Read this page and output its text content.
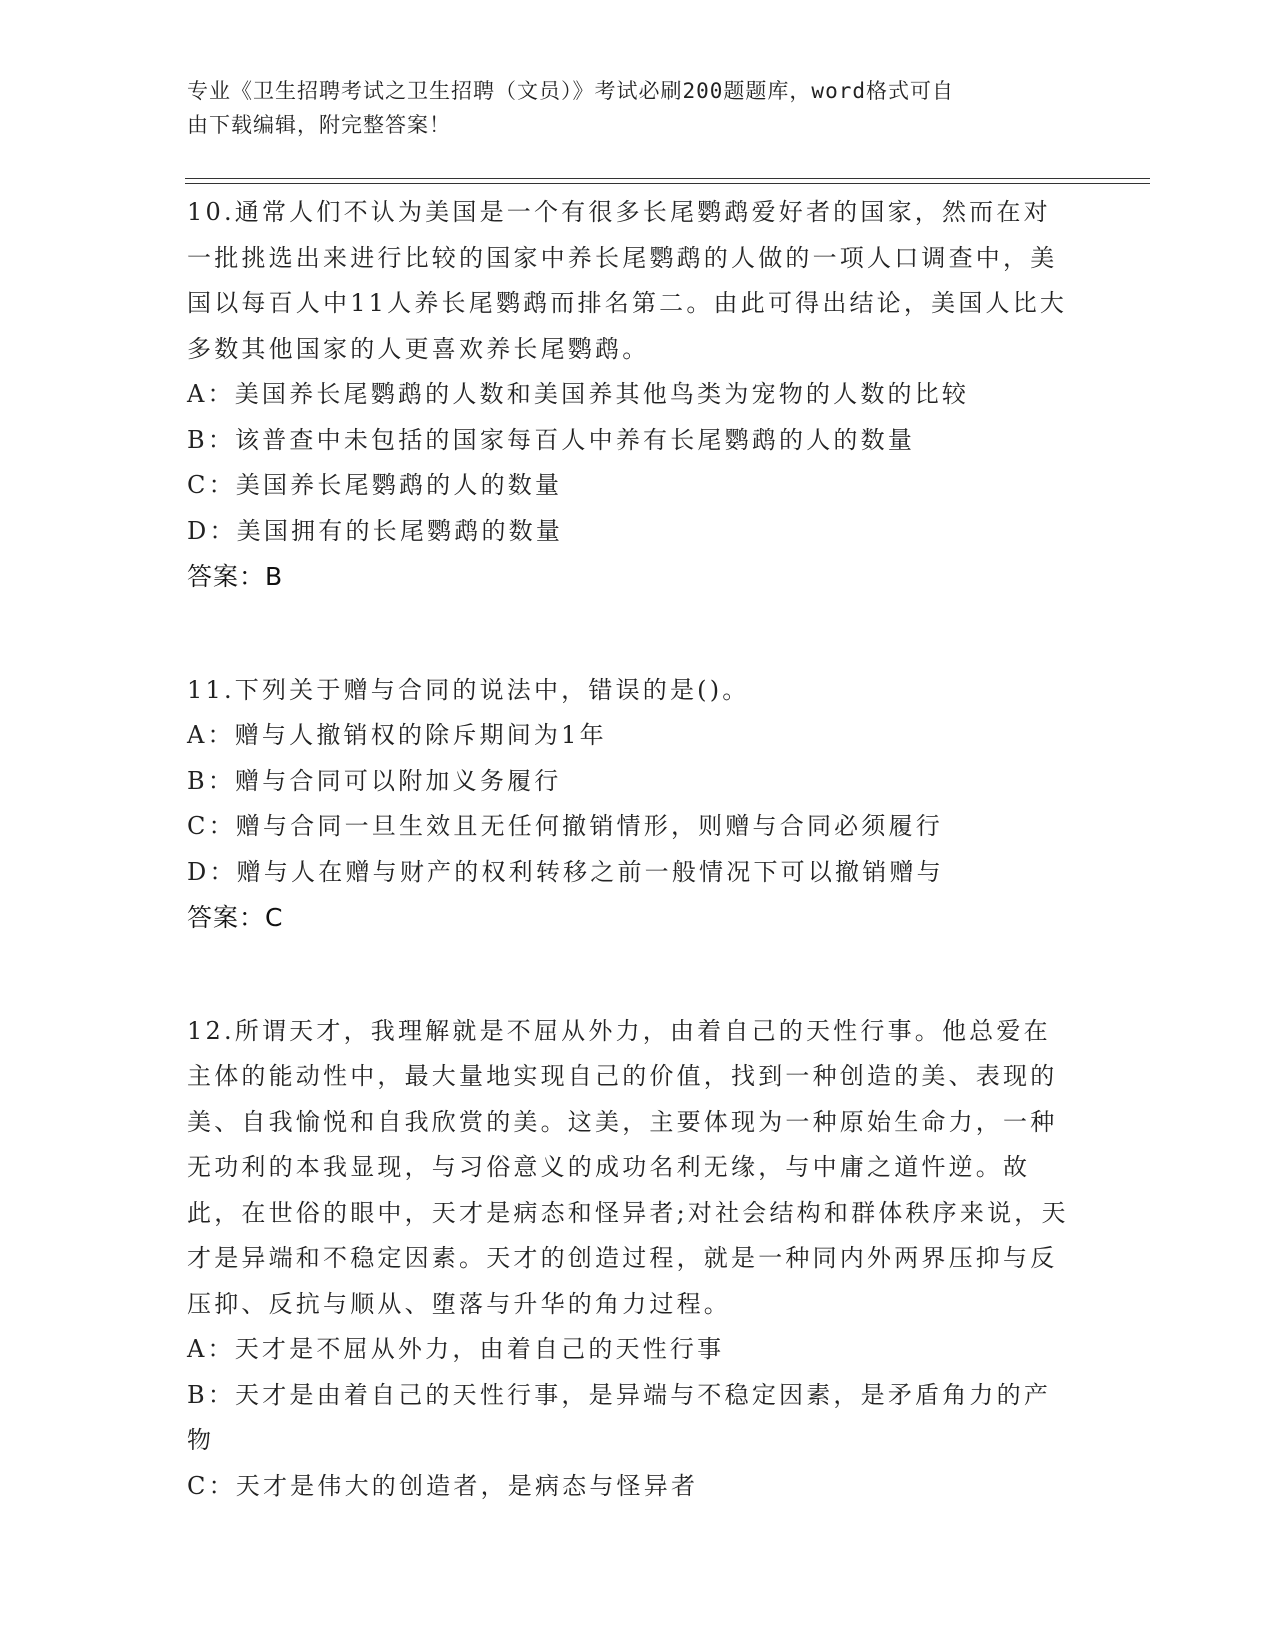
专业《卫生招聘考试之卫生招聘（文员）》考试必刷200题题库，word格式可自
由下载编辑，附完整答案！

10.通常人们不认为美国是一个有很多长尾鹦鹉爱好者的国家，然而在对一批挑选出来进行比较的国家中养长尾鹦鹉的人做的一项人口调查中，美国以每百人中11人养长尾鹦鹉而排名第二。由此可得出结论，美国人比大多数其他国家的人更喜欢养长尾鹦鹉。

A：美国养长尾鹦鹉的人数和美国养其他鸟类为宠物的人数的比较

B：该普查中未包括的国家每百人中养有长尾鹦鹉的人的数量

C：美国养长尾鹦鹉的人的数量

D：美国拥有的长尾鹦鹉的数量

答案：B

11.下列关于赠与合同的说法中，错误的是()。

A：赠与人撤销权的除斥期间为1年

B：赠与合同可以附加义务履行

C：赠与合同一旦生效且无任何撤销情形，则赠与合同必须履行

D：赠与人在赠与财产的权利转移之前一般情况下可以撤销赠与

答案：C

12.所谓天才，我理解就是不屈从外力，由着自己的天性行事。他总爱在主体的能动性中，最大量地实现自己的价值，找到一种创造的美、表现的美、自我愉悦和自我欣赏的美。这美，主要体现为一种原始生命力，一种无功利的本我显现，与习俗意义的成功名利无缘，与中庸之道忤逆。故此，在世俗的眼中，天才是病态和怪异者;对社会结构和群体秩序来说，天才是异端和不稳定因素。天才的创造过程，就是一种同内外两界压抑与反压抑、反抗与顺从、堕落与升华的角力过程。

A：天才是不屈从外力，由着自己的天性行事

B：天才是由着自己的天性行事，是异端与不稳定因素，是矛盾角力的产物

C：天才是伟大的创造者，是病态与怪异者
